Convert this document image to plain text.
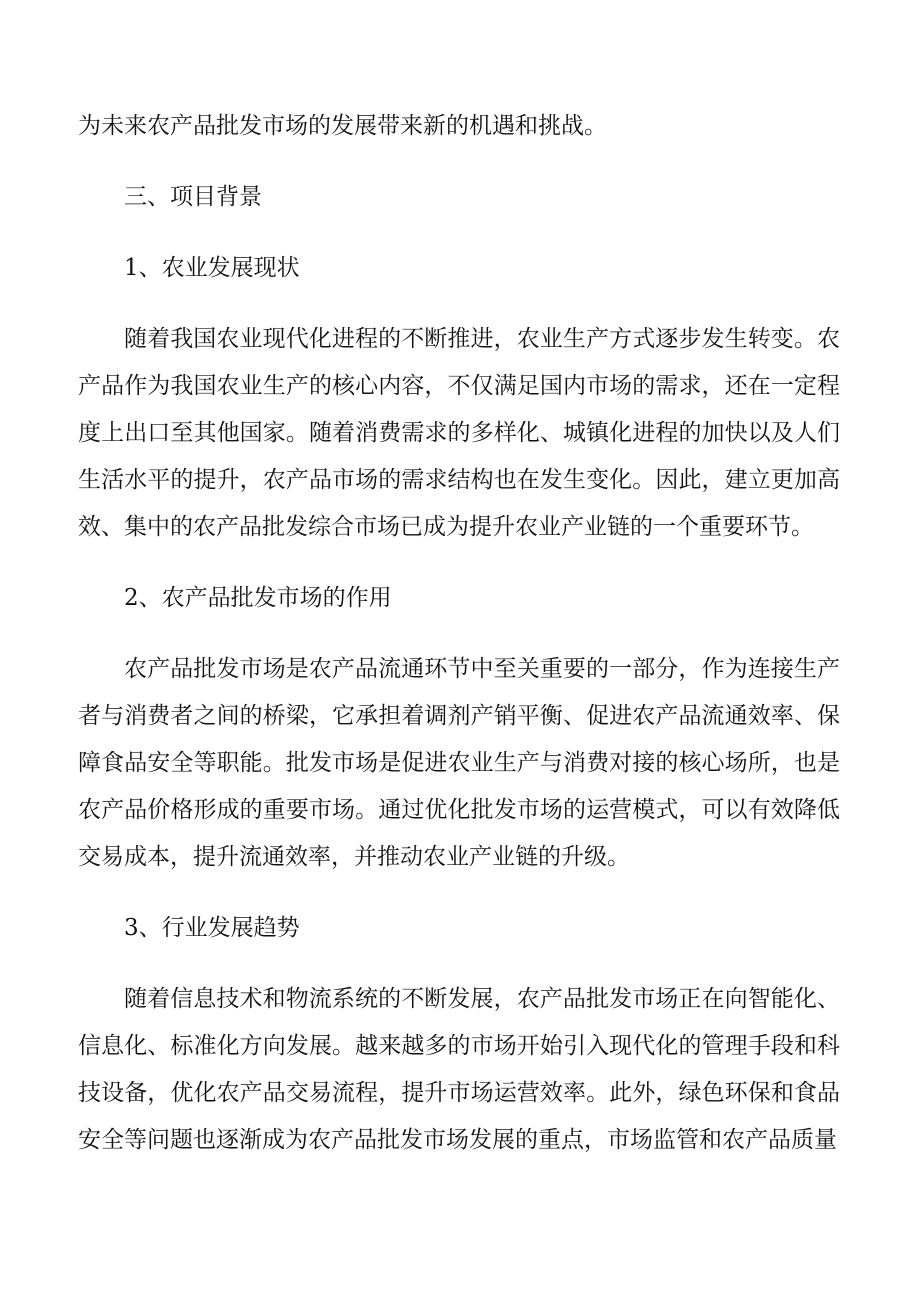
为未来农产品批发市场的发展带来新的机遇和挑战。

三、项目背景
1、农业发展现状

随着我国农业现代化进程的不断推进，农业生产方式逐步发生转变。农产品作为我国农业生产的核心内容，不仅满足国内市场的需求，还在一定程度上出口至其他国家。随着消费需求的多样化、城镇化进程的加快以及人们生活水平的提升，农产品市场的需求结构也在发生变化。因此，建立更加高效、集中的农产品批发综合市场已成为提升农业产业链的一个重要环节。

2、农产品批发市场的作用

农产品批发市场是农产品流通环节中至关重要的一部分，作为连接生产者与消费者之间的桥梁，它承担着调剂产销平衡、促进农产品流通效率、保障食品安全等职能。批发市场是促进农业生产与消费对接的核心场所，也是农产品价格形成的重要市场。通过优化批发市场的运营模式，可以有效降低交易成本，提升流通效率，并推动农业产业链的升级。

3、行业发展趋势

随着信息技术和物流系统的不断发展，农产品批发市场正在向智能化、信息化、标准化方向发展。越来越多的市场开始引入现代化的管理手段和科技设备，优化农产品交易流程，提升市场运营效率。此外，绿色环保和食品安全等问题也逐渐成为农产品批发市场发展的重点，市场监管和农产品质量
